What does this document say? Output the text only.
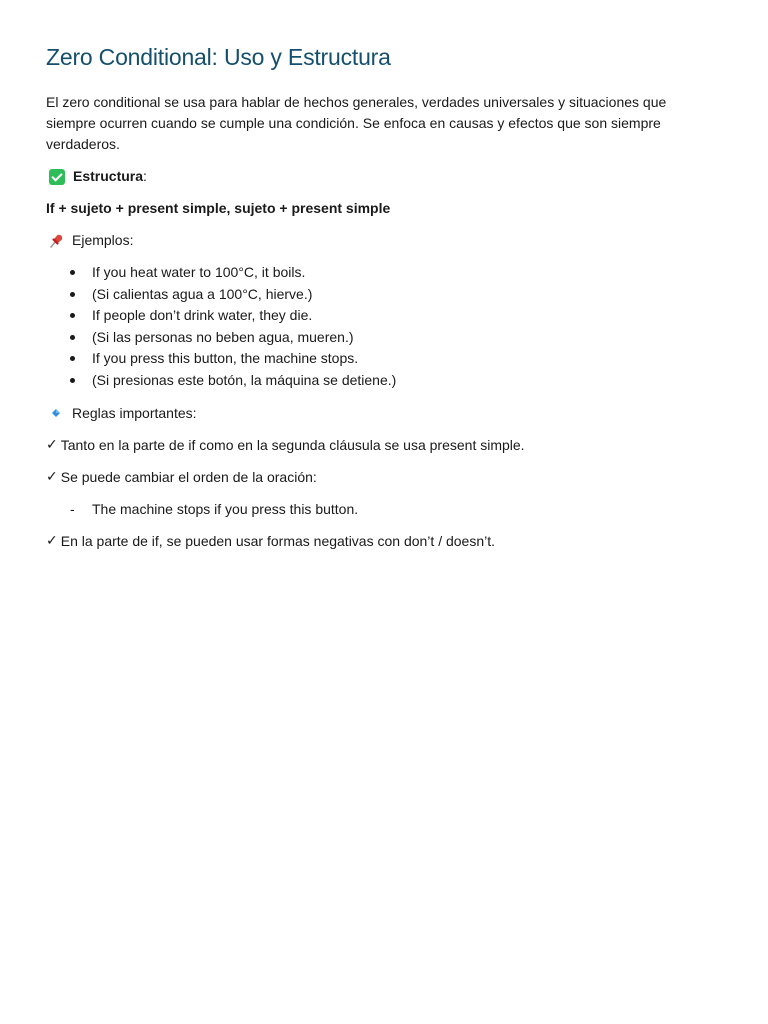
Zero Conditional: Uso y Estructura

El zero conditional se usa para hablar de hechos generales, verdades universales y situaciones que siempre ocurren cuando se cumple una condición. Se enfoca en causas y efectos que son siempre verdaderos.

Estructura :

If + sujeto + present simple, sujeto + present simple

Ejemplos:

If you heat water to 100°C, it boils.
(Si calientas agua a 100°C, hierve.)
If people don’t drink water, they die.
(Si las personas no beben agua, mueren.)
If you press this button, the machine stops.
(Si presionas este botón, la máquina se detiene.)

Reglas importantes:

✓ Tanto en la parte de if como en la segunda cláusula se usa present simple.

✓ Se puede cambiar el orden de la oración:

- The machine stops if you press this button.

✓ En la parte de if, se pueden usar formas negativas con don’t / doesn’t.
